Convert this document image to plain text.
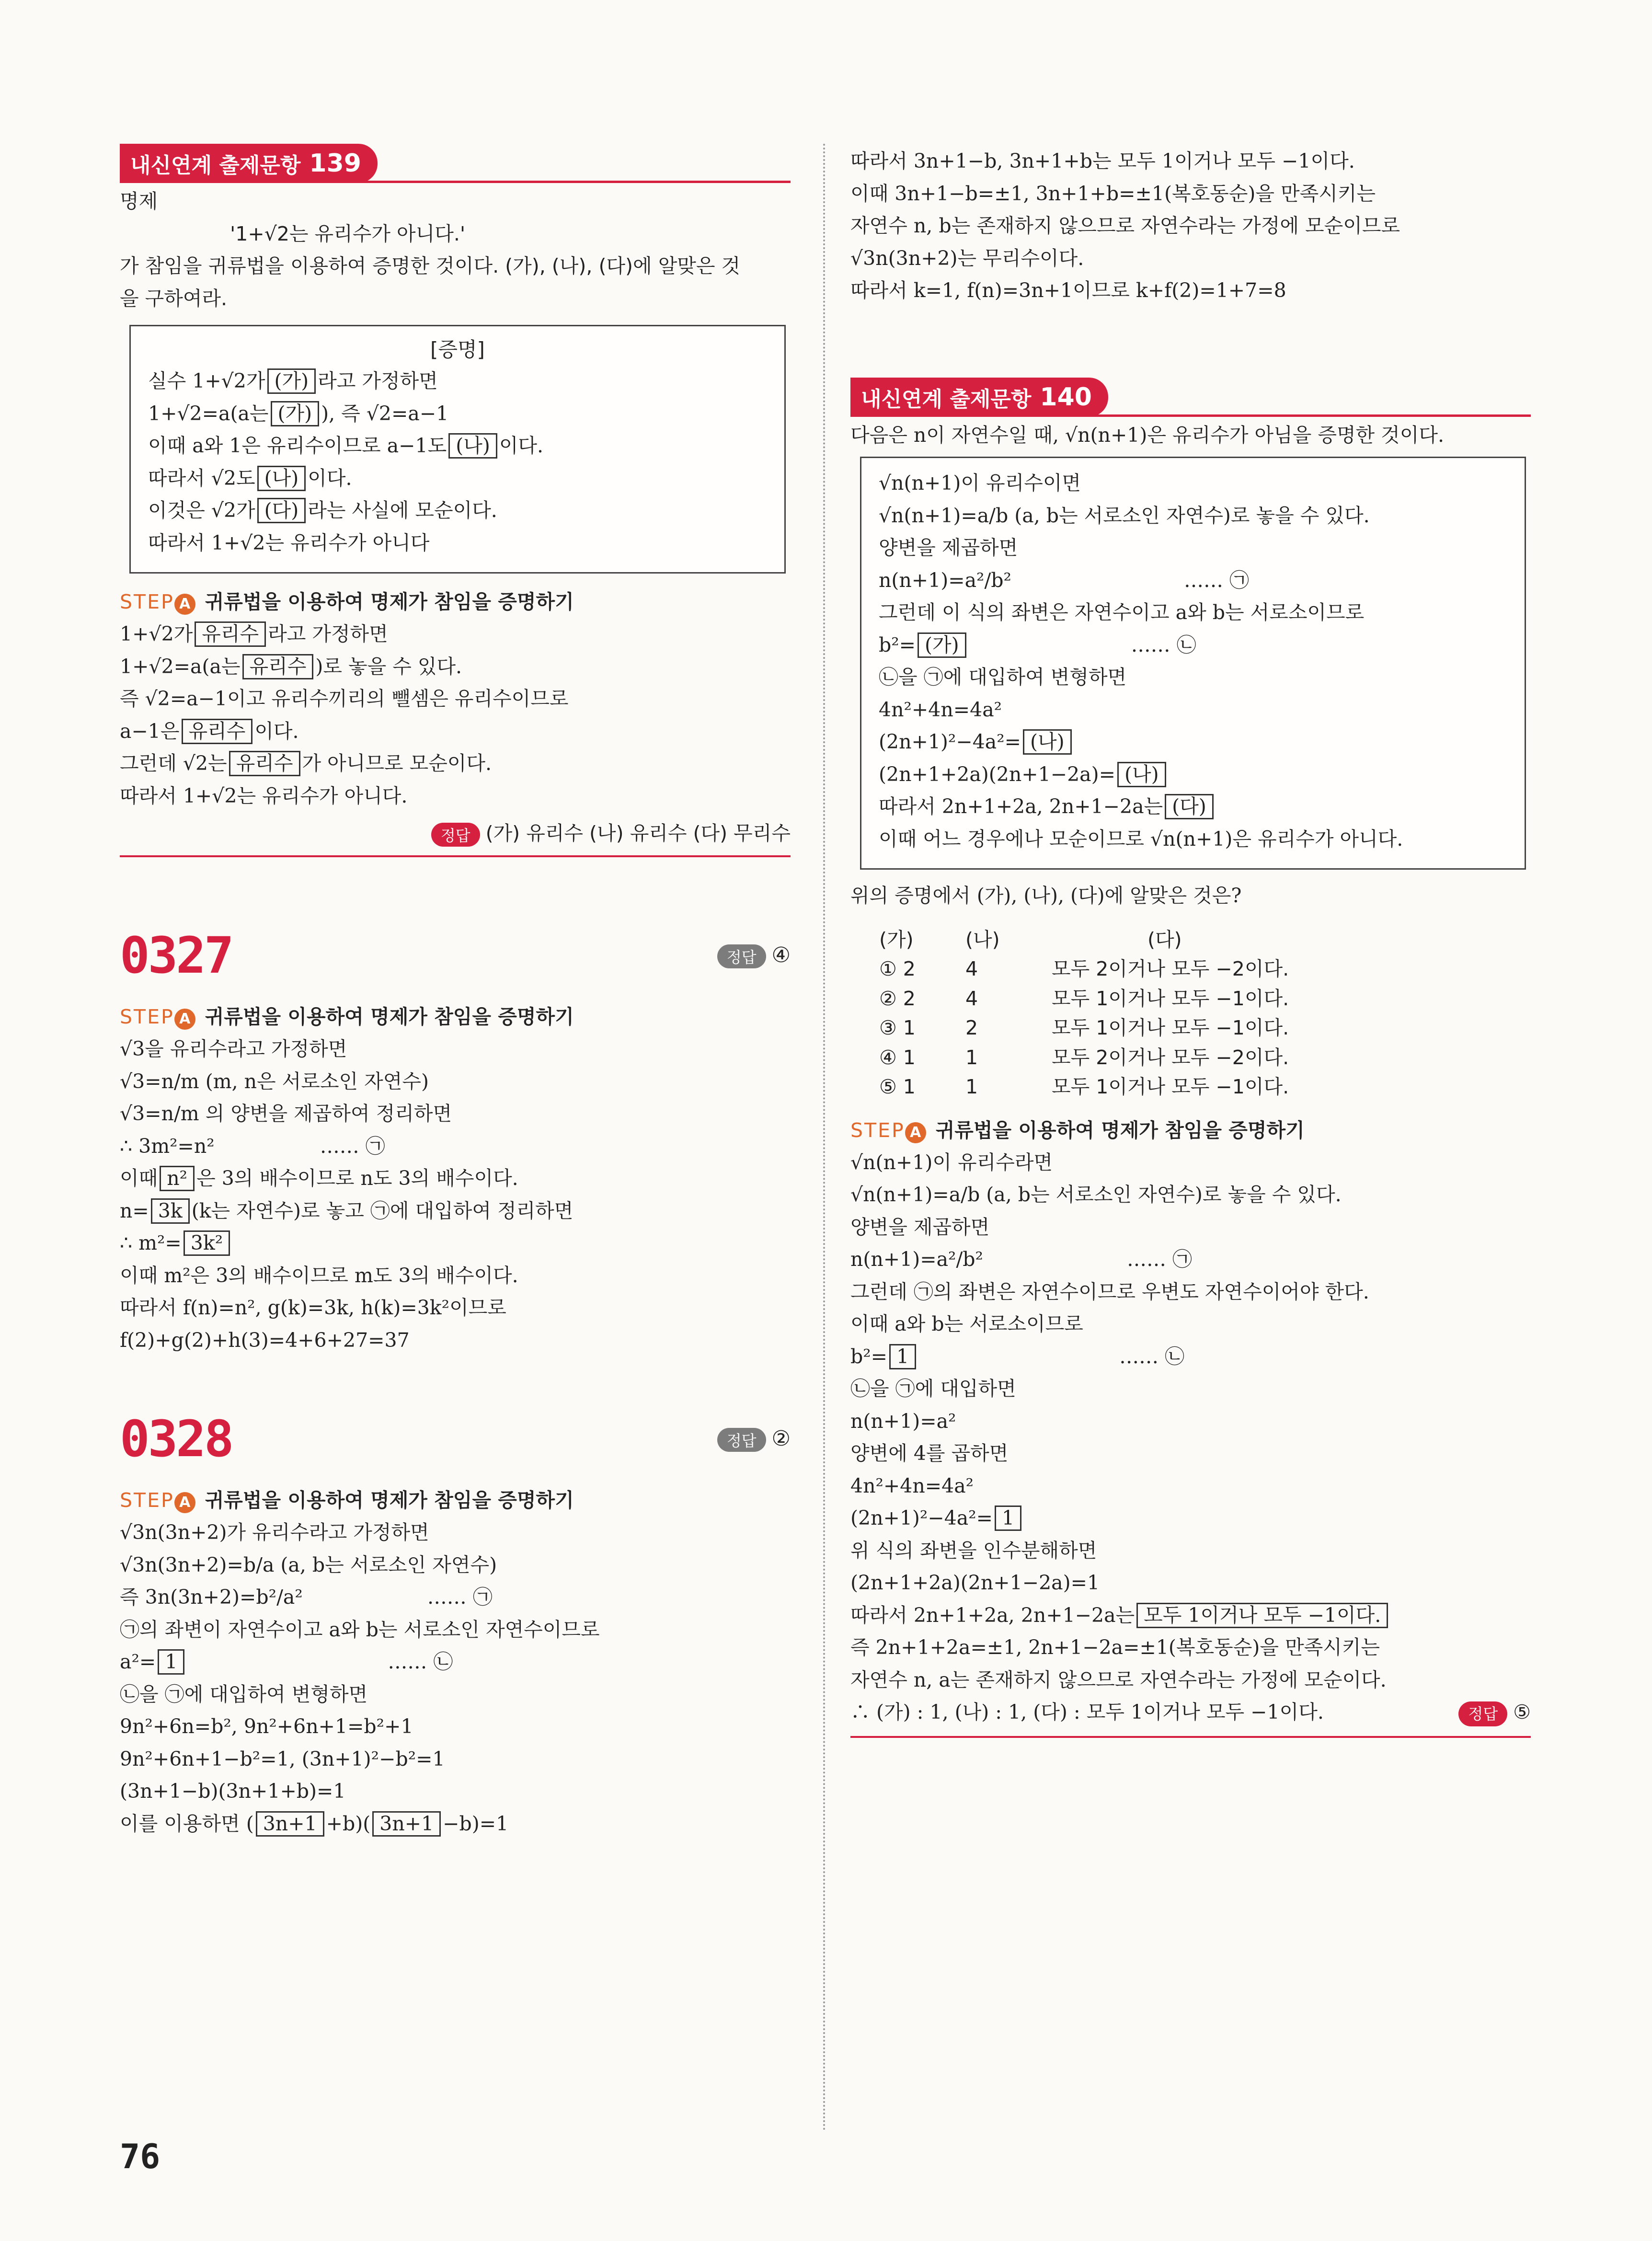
내신연계 출제문항 139
명제
'1+√2는 유리수가 아니다.'
가 참임을 귀류법을 이용하여 증명한 것이다. (가), (나), (다)에 알맞은 것
을 구하여라.
[증명]
실수 1+√2가 (가) 라고 가정하면
1+√2=a(a는 (가) ), 즉 √2=a−1
이때 a와 1은 유리수이므로 a−1도 (나) 이다.
따라서 √2도 (나) 이다.
이것은 √2가 (다) 라는 사실에 모순이다.
따라서 1+√2는 유리수가 아니다
STEP A 귀류법을 이용하여 명제가 참임을 증명하기
1+√2가 유리수 라고 가정하면
1+√2=a(a는 유리수 )로 놓을 수 있다.
즉 √2=a−1이고 유리수끼리의 뺄셈은 유리수이므로
a−1은 유리수 이다.
그런데 √2는 유리수 가 아니므로 모순이다.
따라서 1+√2는 유리수가 아니다.
정답 (가) 유리수 (나) 유리수 (다) 무리수
0327	정답 ④
STEP A 귀류법을 이용하여 명제가 참임을 증명하기
√3을 유리수라고 가정하면
√3=n/m (m, n은 서로소인 자연수)
√3=n/m 의 양변을 제곱하여 정리하면
∴ 3m²=n²	…… ㉠
이때 n² 은 3의 배수이므로 n도 3의 배수이다.
n= 3k (k는 자연수)로 놓고 ㉠에 대입하여 정리하면
∴ m²= 3k²
이때 m²은 3의 배수이므로 m도 3의 배수이다.
따라서 f(n)=n², g(k)=3k, h(k)=3k²이므로
f(2)+g(2)+h(3)=4+6+27=37
0328	정답 ②
STEP A 귀류법을 이용하여 명제가 참임을 증명하기
√3n(3n+2)가 유리수라고 가정하면
√3n(3n+2)=b/a (a, b는 서로소인 자연수)
즉 3n(3n+2)=b²/a²	…… ㉠
㉠의 좌변이 자연수이고 a와 b는 서로소인 자연수이므로
a²= 1	…… ㉡
㉡을 ㉠에 대입하여 변형하면
9n²+6n=b², 9n²+6n+1=b²+1
9n²+6n+1−b²=1, (3n+1)²−b²=1
(3n+1−b)(3n+1+b)=1
이를 이용하면 ( 3n+1 +b)( 3n+1 −b)=1
따라서 3n+1−b, 3n+1+b는 모두 1이거나 모두 −1이다.
이때 3n+1−b=±1, 3n+1+b=±1(복호동순)을 만족시키는
자연수 n, b는 존재하지 않으므로 자연수라는 가정에 모순이므로
√3n(3n+2)는 무리수이다.
따라서 k=1, f(n)=3n+1이므로 k+f(2)=1+7=8
내신연계 출제문항 140
다음은 n이 자연수일 때, √n(n+1)은 유리수가 아님을 증명한 것이다.
√n(n+1)이 유리수이면
√n(n+1)=a/b (a, b는 서로소인 자연수)로 놓을 수 있다.
양변을 제곱하면
n(n+1)=a²/b²	…… ㉠
그런데 이 식의 좌변은 자연수이고 a와 b는 서로소이므로
b²= (가)	…… ㉡
㉡을 ㉠에 대입하여 변형하면
4n²+4n=4a²
(2n+1)²−4a²= (나)
(2n+1+2a)(2n+1−2a)= (나)
따라서 2n+1+2a, 2n+1−2a는 (다)
이때 어느 경우에나 모순이므로 √n(n+1)은 유리수가 아니다.
위의 증명에서 (가), (나), (다)에 알맞은 것은?
(가)	(나)	(다)
① 2	4	모두 2이거나 모두 −2이다.
② 2	4	모두 1이거나 모두 −1이다.
③ 1	2	모두 1이거나 모두 −1이다.
④ 1	1	모두 2이거나 모두 −2이다.
⑤ 1	1	모두 1이거나 모두 −1이다.
STEP A 귀류법을 이용하여 명제가 참임을 증명하기
√n(n+1)이 유리수라면
√n(n+1)=a/b (a, b는 서로소인 자연수)로 놓을 수 있다.
양변을 제곱하면
n(n+1)=a²/b²	…… ㉠
그런데 ㉠의 좌변은 자연수이므로 우변도 자연수이어야 한다.
이때 a와 b는 서로소이므로
b²= 1	…… ㉡
㉡을 ㉠에 대입하면
n(n+1)=a²
양변에 4를 곱하면
4n²+4n=4a²
(2n+1)²−4a²= 1
위 식의 좌변을 인수분해하면
(2n+1+2a)(2n+1−2a)=1
따라서 2n+1+2a, 2n+1−2a는 모두 1이거나 모두 −1이다.
즉 2n+1+2a=±1, 2n+1−2a=±1(복호동순)을 만족시키는
자연수 n, a는 존재하지 않으므로 자연수라는 가정에 모순이다.
∴ (가) : 1, (나) : 1, (다) : 모두 1이거나 모두 −1이다.	정답 ⑤
76
